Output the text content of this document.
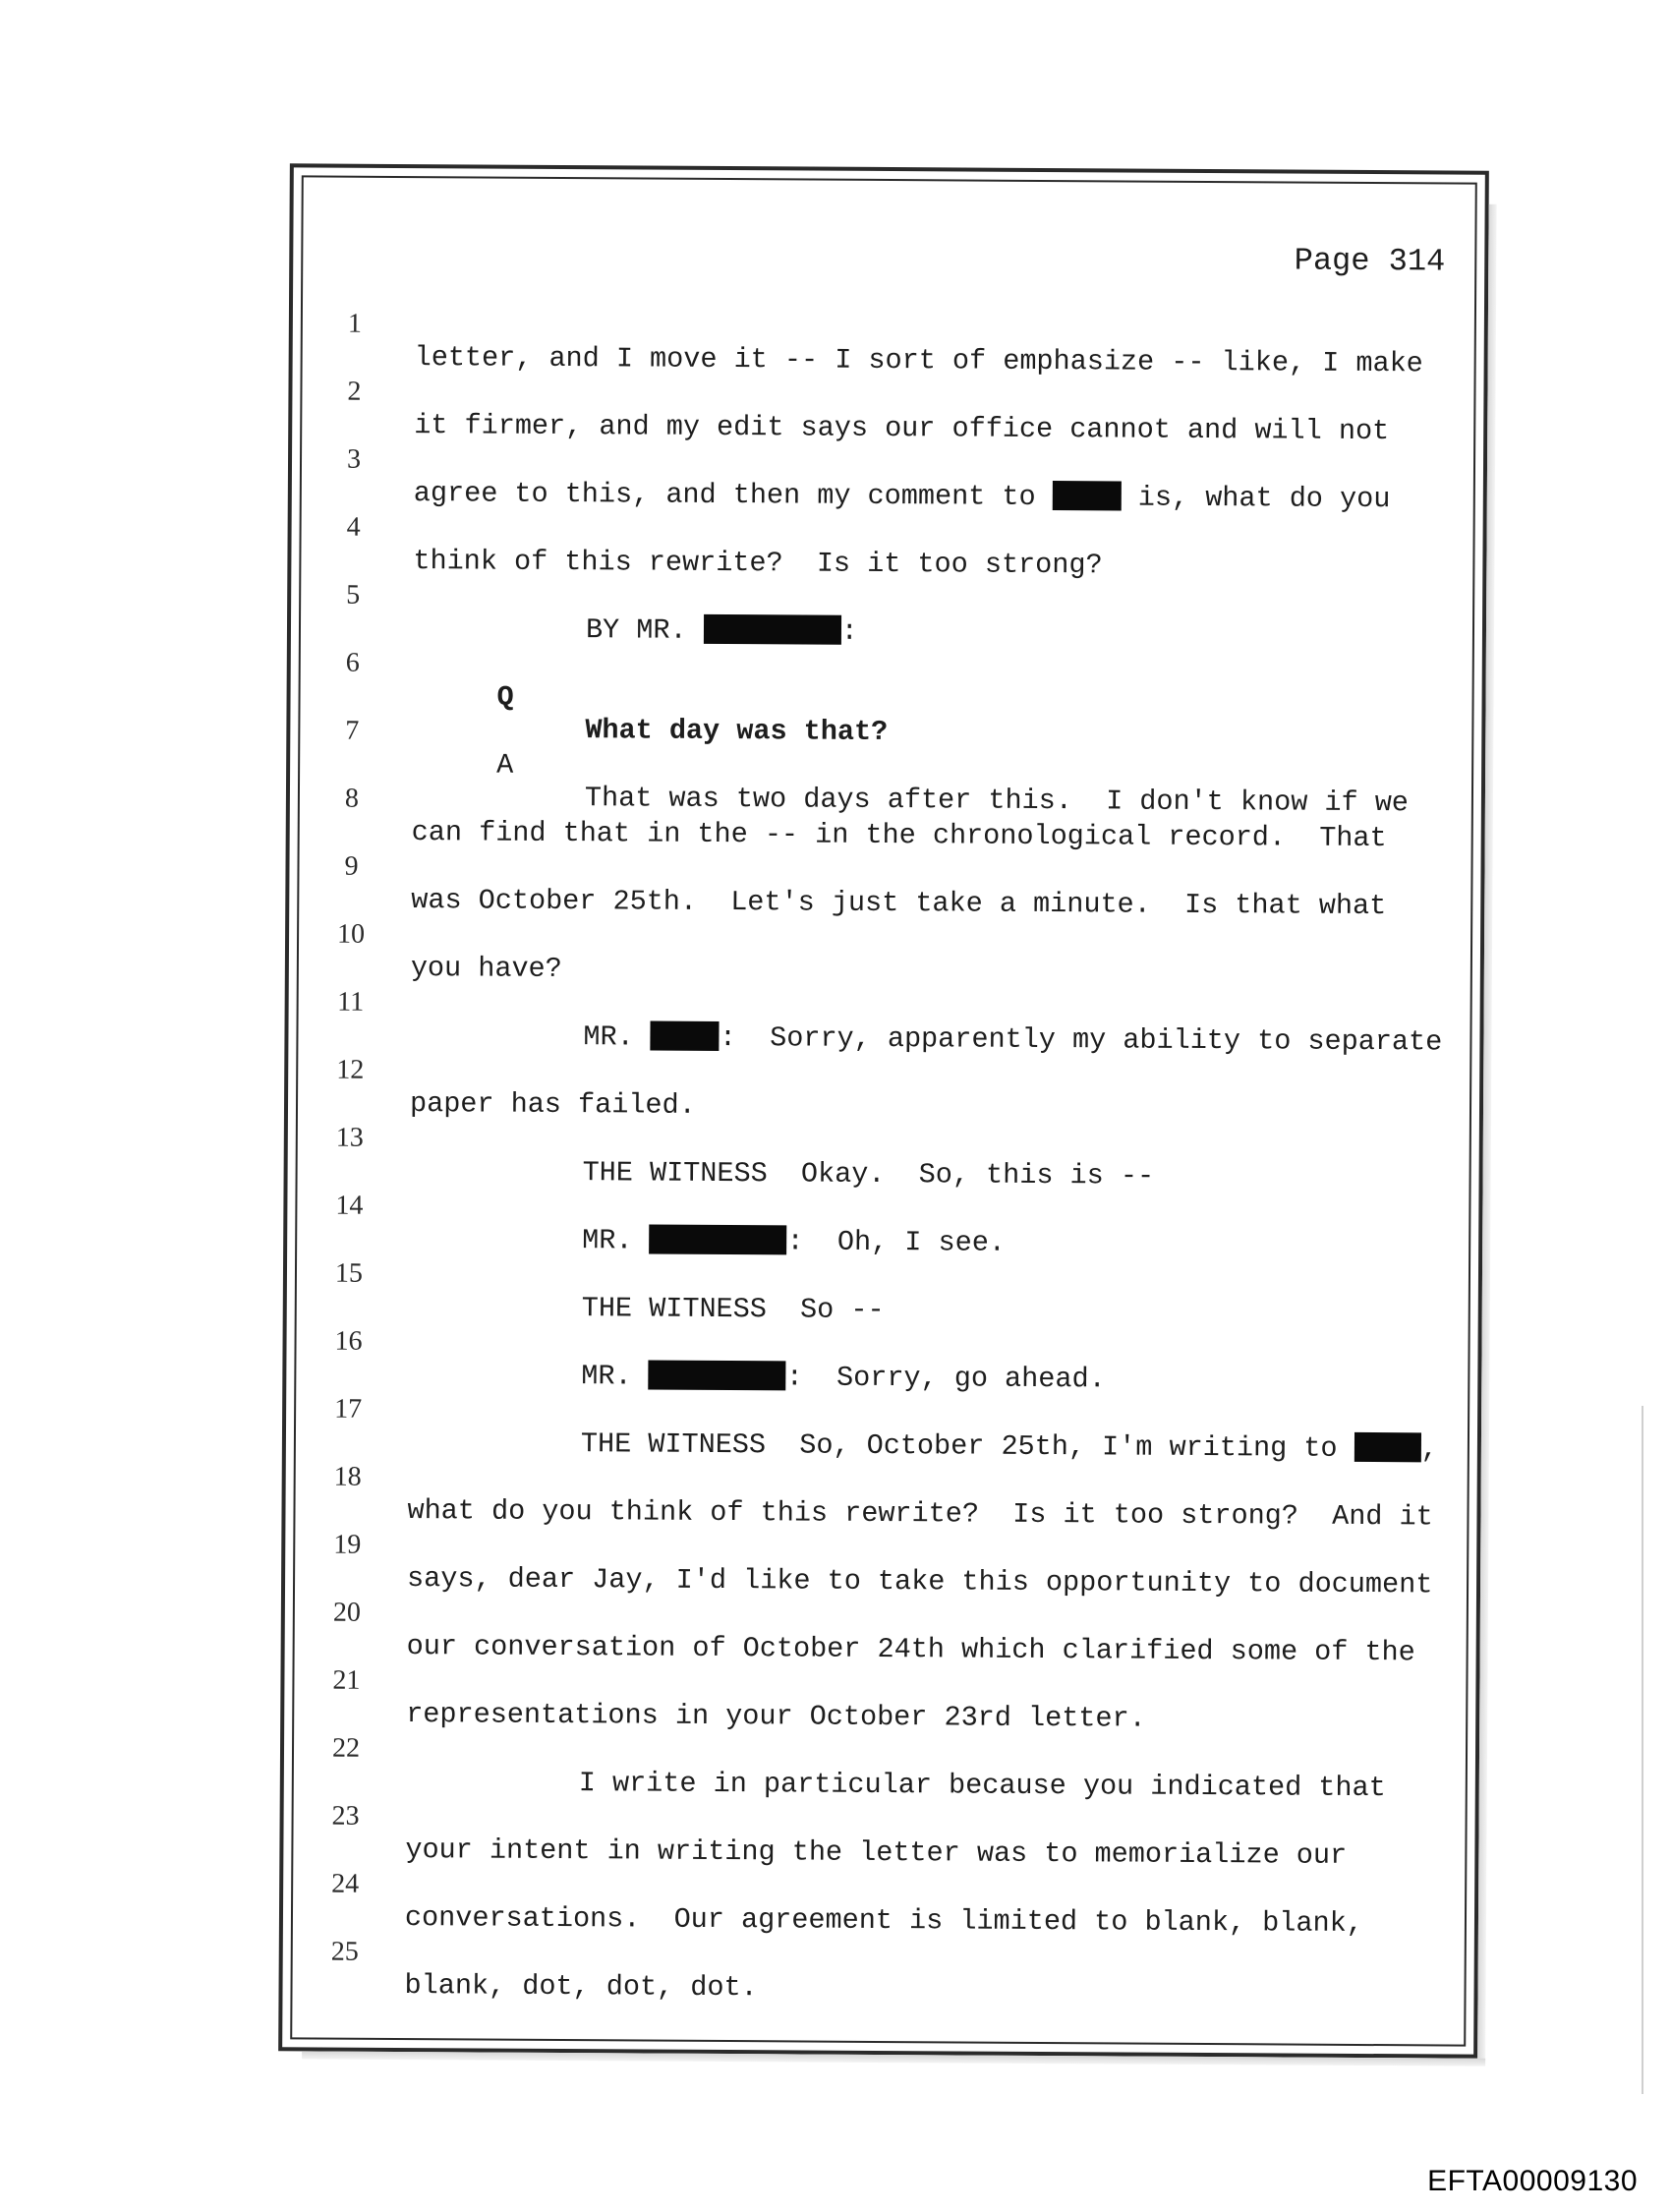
Page 314

1

letter, and I move it -- I sort of emphasize -- like, I make

2

it firmer, and my edit says our office cannot and will not

3

agree to this, and then my comment to  is, what do you

4

think of this rewrite?  Is it too strong?

5

BY MR.	:

6

Q

What day was that?

7

A

That was two days after this.  I don't know if we

8

can find that in the -- in the chronological record.  That

9

was October 25th.  Let's just take a minute.  Is that what

10

you have?

11

MR. :  Sorry, apparently my ability to separate

12

paper has failed.

13

THE WITNESS  Okay.  So, this is --

14

MR.	:  Oh, I see.

15

THE WITNESS  So --

16

MR.	:  Sorry, go ahead.

17

THE WITNESS  So, October 25th, I'm writing to ,

18

what do you think of this rewrite?  Is it too strong?  And it

19

says, dear Jay, I'd like to take this opportunity to document

20

our conversation of October 24th which clarified some of the

21

representations in your October 23rd letter.

22

I write in particular because you indicated that

23

your intent in writing the letter was to memorialize our

24

conversations.  Our agreement is limited to blank, blank,

25

blank, dot, dot, dot.

EFTA00009130
